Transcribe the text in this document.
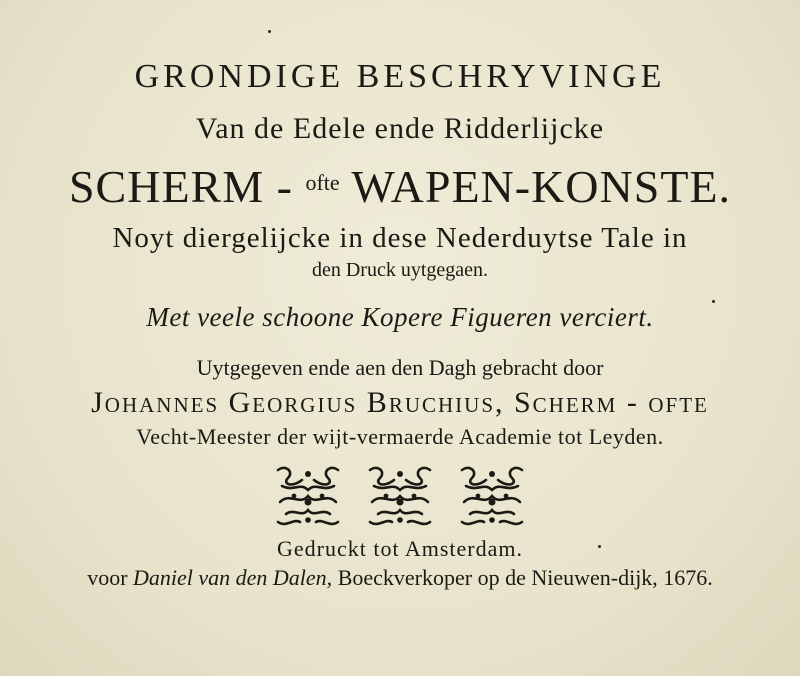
GRONDIGE BESCHRYVINGE
Van de Edele ende Ridderlijcke
SCHERM - $^{ofte}$ WAPEN-KONSTE.
Noyt diergelijcke in dese Nederduytse Tale in
den Druck uytgegaen.
Met veele schoone Kopere Figueren verciert.
Uytgegeven ende aen den Dagh gebracht door
Johannes Georgius Bruchius, Scherm - ofte
Vecht-Meester der wijt-vermaerde Academie tot Leyden.
Gedruckt tot Amsterdam.
voor Daniel van den Dalen, Boeckverkoper op de Nieuwen-dijk, 1676.
